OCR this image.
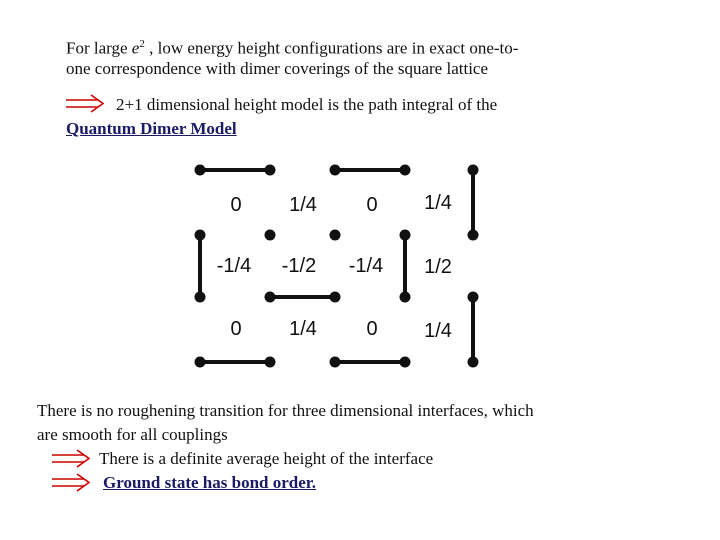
For large $e^2$ , low energy height configurations are in exact one-to-
one correspondence with dimer coverings of the square lattice
2+1 dimensional height model is the path integral of the
Quantum Dimer Model
0 1/4 0 1/4
-1/4 -1/2 -1/4 1/2
0 1/4 0 1/4
There is no roughening transition for three dimensional interfaces, which
are smooth for all couplings
There is a definite average height of the interface
Ground state has bond order.
